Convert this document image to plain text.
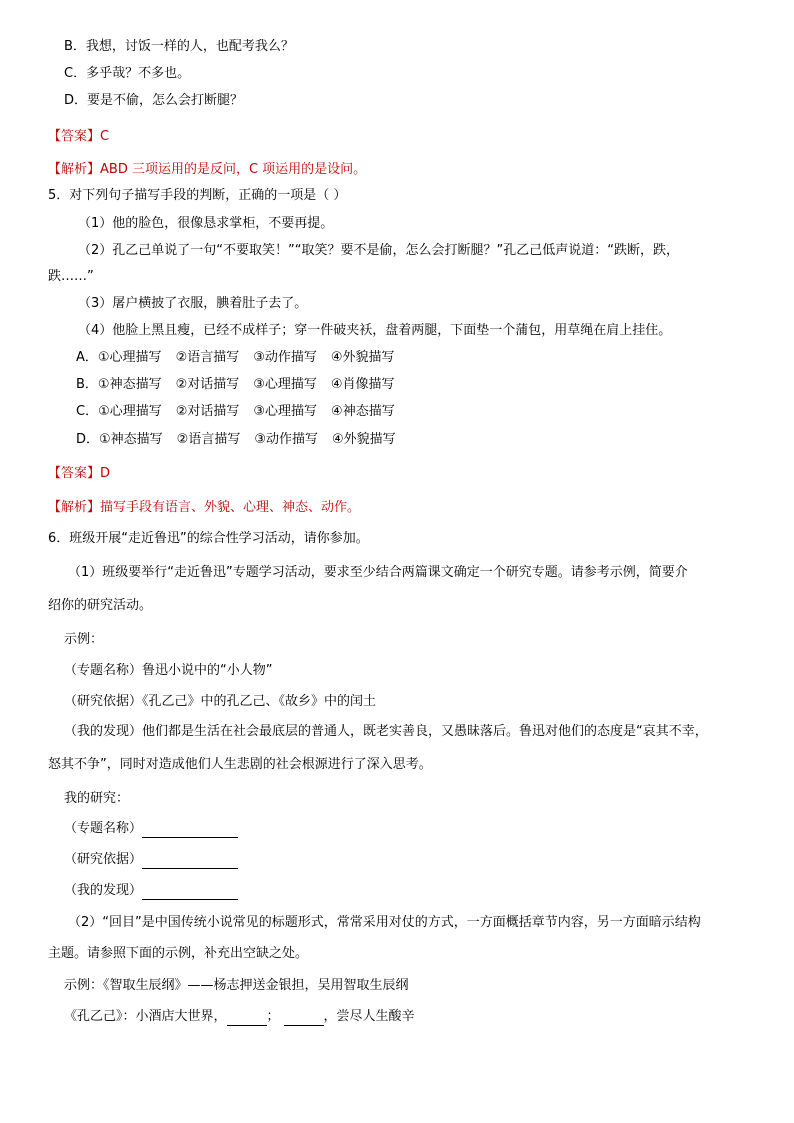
B．我想，讨饭一样的人，也配考我么？
C．多乎哉？不多也。
D．要是不偷，怎么会打断腿？
【答案】C
【解析】ABD 三项运用的是反问，C 项运用的是设问。
5．对下列句子描写手段的判断，正确的一项是（ ）
（1）他的脸色，很像恳求掌柜，不要再提。
（2）孔乙己单说了一句“不要取笑！”“取笑？要不是偷，怎么会打断腿？”孔乙己低声说道：“跌断，跌，
跌……”
（3）屠户横披了衣服，腆着肚子去了。
（4）他脸上黑且瘦，已经不成样子；穿一件破夹袄，盘着两腿，下面垫一个蒲包，用草绳在肩上挂住。
A．①心理描写 ②语言描写 ③动作描写 ④外貌描写
B．①神态描写 ②对话描写 ③心理描写 ④肖像描写
C．①心理描写 ②对话描写 ③心理描写 ④神态描写
D．①神态描写 ②语言描写 ③动作描写 ④外貌描写
【答案】D
【解析】描写手段有语言、外貌、心理、神态、动作。
6．班级开展“走近鲁迅”的综合性学习活动，请你参加。
（1）班级要举行“走近鲁迅”专题学习活动，要求至少结合两篇课文确定一个研究专题。请参考示例，简要介
绍你的研究活动。
示例：
（专题名称）鲁迅小说中的“小人物”
（研究依据）《孔乙己》中的孔乙己、《故乡》中的闰土
（我的发现）他们都是生活在社会最底层的普通人，既老实善良，又愚昧落后。鲁迅对他们的态度是“哀其不幸，
怒其不争”，同时对造成他们人生悲剧的社会根源进行了深入思考。
我的研究：
（专题名称）
（研究依据）
（我的发现）
（2）“回目”是中国传统小说常见的标题形式，常常采用对仗的方式，一方面概括章节内容，另一方面暗示结构
主题。请参照下面的示例，补充出空缺之处。
示例：《智取生辰纲》——杨志押送金银担，吴用智取生辰纲
《孔乙己》：小酒店大世界，	；	，尝尽人生酸辛
